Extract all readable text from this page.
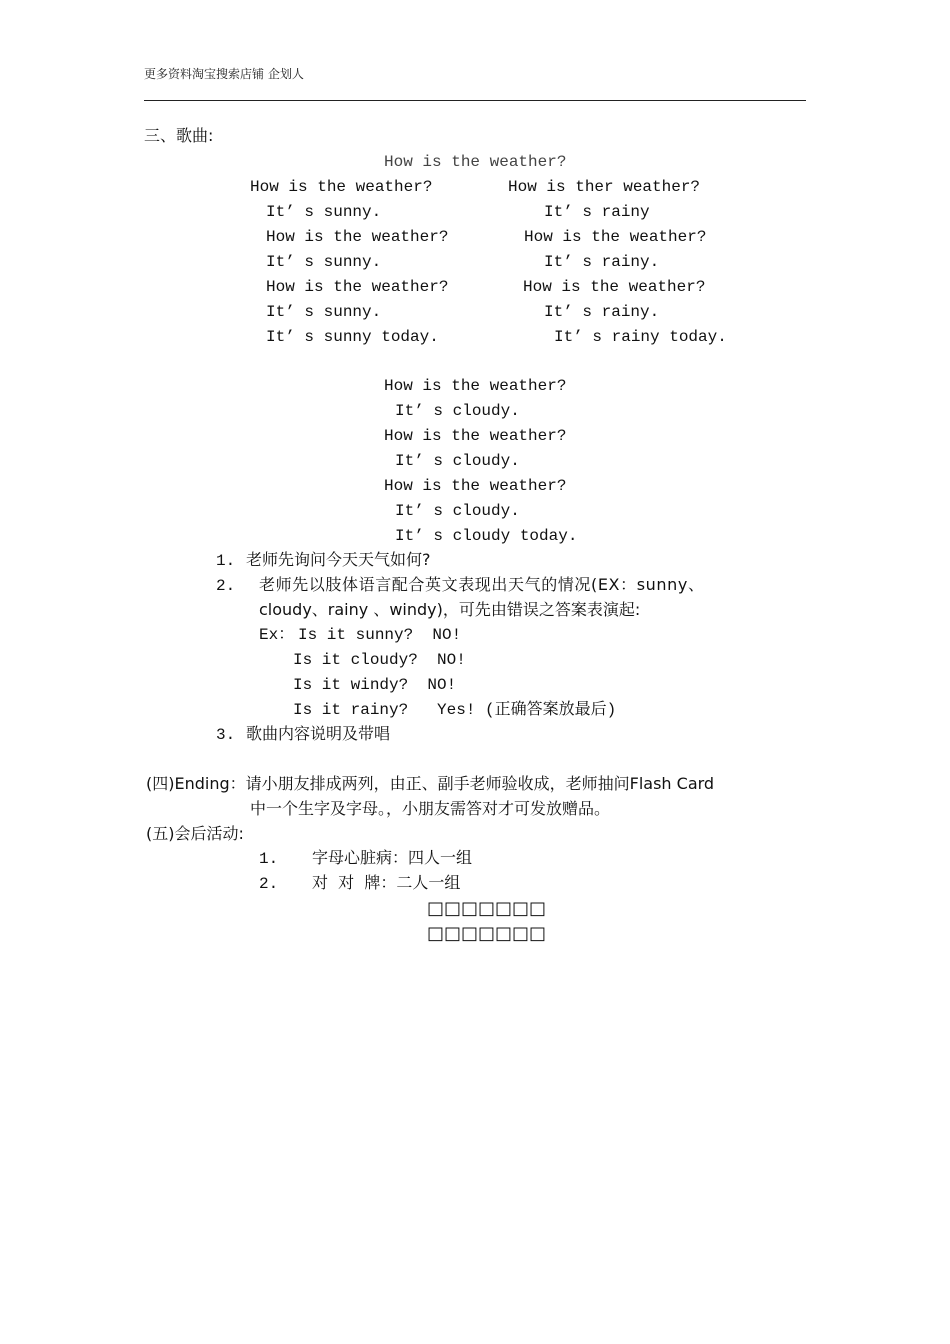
更多资料淘宝搜索店铺 企划人
三、歌曲:
How is the weather?
How is the weather?
It’ s sunny.
How is the weather?
It’ s sunny.
How is the weather?
It’ s sunny.
It’ s sunny today.
How is ther weather?
It’ s rainy
How is the weather?
It’ s rainy.
How is the weather?
It’ s rainy.
It’ s rainy today.
How is the weather?
It’ s cloudy.
How is the weather?
It’ s cloudy.
How is the weather?
It’ s cloudy.
It’ s cloudy today.
1. 老师先询问今天天气如何?
2. 老师先以肢体语言配合英文表现出天气的情况(EX：sunny、
cloudy、rainy 、windy)，可先由错误之答案表演起:
Ex： Is it sunny?  NO!
Is it cloudy?  NO!
Is it windy?  NO!
Is it rainy?   Yes! (正确答案放最后)
3. 歌曲内容说明及带唱
(四)Ending：请小朋友排成两列，由正、副手老师验收成，老师抽问Flash Card
中一个生字及字母。，小朋友需答对才可发放赠品。
(五)会后活动:
1. 字母心脏病：四人一组
2. 对  对  牌：二人一组
□□□□□□□
□□□□□□□
